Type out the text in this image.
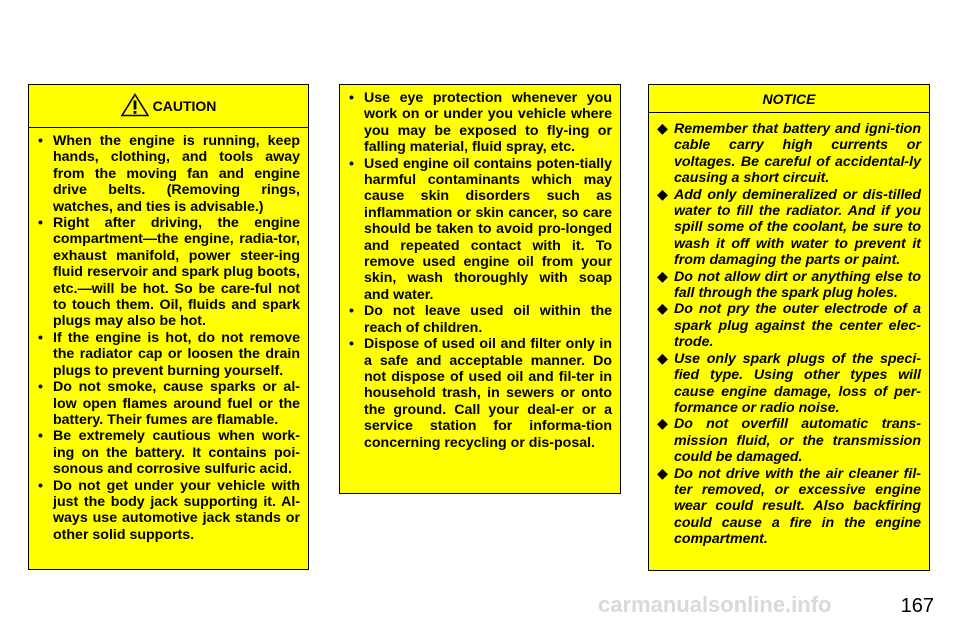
CAUTION
• When the engine is running, keep hands, clothing, and tools away from the moving fan and engine drive belts. (Removing rings, watches, and ties is advisable.)
• Right after driving, the engine compartment—the engine, radia-tor, exhaust manifold, power steer-ing fluid reservoir and spark plug boots, etc.—will be hot. So be care-ful not to touch them. Oil, fluids and spark plugs may also be hot.
• If the engine is hot, do not remove the radiator cap or loosen the drain plugs to prevent burning yourself.
• Do not smoke, cause sparks or al-low open flames around fuel or the battery. Their fumes are flamable.
• Be extremely cautious when work-ing on the battery. It contains poi-sonous and corrosive sulfuric acid.
• Do not get under your vehicle with just the body jack supporting it. Al-ways use automotive jack stands or other solid supports.
• Use eye protection whenever you work on or under you vehicle where you may be exposed to fly-ing or falling material, fluid spray, etc.
• Used engine oil contains poten-tially harmful contaminants which may cause skin disorders such as inflammation or skin cancer, so care should be taken to avoid pro-longed and repeated contact with it. To remove used engine oil from your skin, wash thoroughly with soap and water.
• Do not leave used oil within the reach of children.
• Dispose of used oil and filter only in a safe and acceptable manner. Do not dispose of used oil and fil-ter in household trash, in sewers or onto the ground. Call your deal-er or a service station for informa-tion concerning recycling or dis-posal.
NOTICE
◆ Remember that battery and igni-tion cable carry high currents or voltages. Be careful of accidental-ly causing a short circuit.
◆ Add only demineralized or dis-tilled water to fill the radiator. And if you spill some of the coolant, be sure to wash it off with water to prevent it from damaging the parts or paint.
◆ Do not allow dirt or anything else to fall through the spark plug holes.
◆ Do not pry the outer electrode of a spark plug against the center elec-trode.
◆ Use only spark plugs of the speci-fied type. Using other types will cause engine damage, loss of per-formance or radio noise.
◆ Do not overfill automatic trans-mission fluid, or the transmission could be damaged.
◆ Do not drive with the air cleaner fil-ter removed, or excessive engine wear could result. Also backfiring could cause a fire in the engine compartment.
carmanualsonline.info	167
